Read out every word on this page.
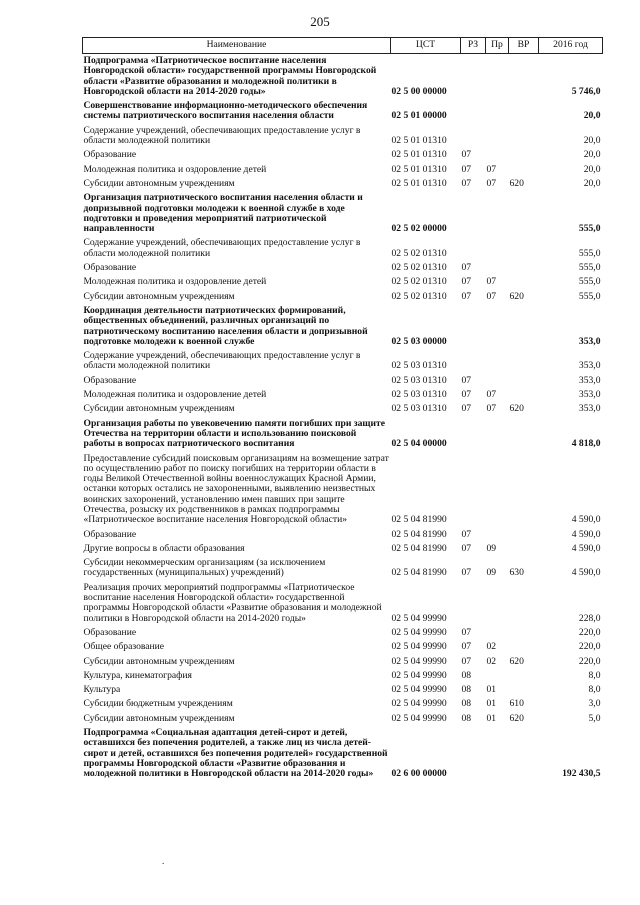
205
Наименование	ЦСТ	РЗ	Пр	ВР	2016 год
Подпрограмма «Патриотическое воспитание населения Новгородской области» государственной программы Новгородской области «Развитие образования и молодежной политики в Новгородской области на 2014-2020 годы»	02 5 00 00000				5 746,0
Совершенствование информационно-методического обеспечения системы патриотического воспитания населения области	02 5 01 00000				20,0
Содержание учреждений, обеспечивающих предоставление услуг в области молодежной политики	02 5 01 01310				20,0
Образование	02 5 01 01310	07			20,0
Молодежная политика и оздоровление детей	02 5 01 01310	07	07		20,0
Субсидии автономным учреждениям	02 5 01 01310	07	07	620	20,0
Организация патриотического воспитания населения области и допризывной подготовки молодежи к военной службе в ходе подготовки и проведения мероприятий патриотической направленности	02 5 02 00000				555,0
Содержание учреждений, обеспечивающих предоставление услуг в области молодежной политики	02 5 02 01310				555,0
Образование	02 5 02 01310	07			555,0
Молодежная политика и оздоровление детей	02 5 02 01310	07	07		555,0
Субсидии автономным учреждениям	02 5 02 01310	07	07	620	555,0
Координация деятельности патриотических формирований, общественных объединений, различных организаций по патриотическому воспитанию населения области и допризывной подготовке молодежи к военной службе	02 5 03 00000				353,0
Содержание учреждений, обеспечивающих предоставление услуг в области молодежной политики	02 5 03 01310				353,0
Образование	02 5 03 01310	07			353,0
Молодежная политика и оздоровление детей	02 5 03 01310	07	07		353,0
Субсидии автономным учреждениям	02 5 03 01310	07	07	620	353,0
Организация работы по увековечению памяти погибших при защите Отечества на территории области и использованию поисковой работы в вопросах патриотического воспитания	02 5 04 00000				4 818,0
Предоставление субсидий поисковым организациям на возмещение затрат по осуществлению работ по поиску погибших на территории области в годы Великой Отечественной войны военнослужащих Красной Армии, останки которых остались не захороненными, выявлению неизвестных воинских захоронений, установлению имен павших при защите Отечества, розыску их родственников в рамках подпрограммы «Патриотическое воспитание населения Новгородской области»	02 5 04 81990				4 590,0
Образование	02 5 04 81990	07			4 590,0
Другие вопросы в области образования	02 5 04 81990	07	09		4 590,0
Субсидии некоммерческим организациям (за исключением государственных (муниципальных) учреждений)	02 5 04 81990	07	09	630	4 590,0
Реализация прочих мероприятий подпрограммы «Патриотическое воспитание населения Новгородской области» государственной программы Новгородской области «Развитие образования и молодежной политики в Новгородской области на 2014-2020 годы»	02 5 04 99990				228,0
Образование	02 5 04 99990	07			220,0
Общее образование	02 5 04 99990	07	02		220,0
Субсидии автономным учреждениям	02 5 04 99990	07	02	620	220,0
Культура, кинематография	02 5 04 99990	08			8,0
Культура	02 5 04 99990	08	01		8,0
Субсидии бюджетным учреждениям	02 5 04 99990	08	01	610	3,0
Субсидии автономным учреждениям	02 5 04 99990	08	01	620	5,0
Подпрограмма «Социальная адаптация детей-сирот и детей, оставшихся без попечения родителей, а также лиц из числа детей-сирот и детей, оставшихся без попечения родителей» государственной программы Новгородской области «Развитие образования и молодежной политики в Новгородской области на 2014-2020 годы»	02 6 00 00000				192 430,5
.
